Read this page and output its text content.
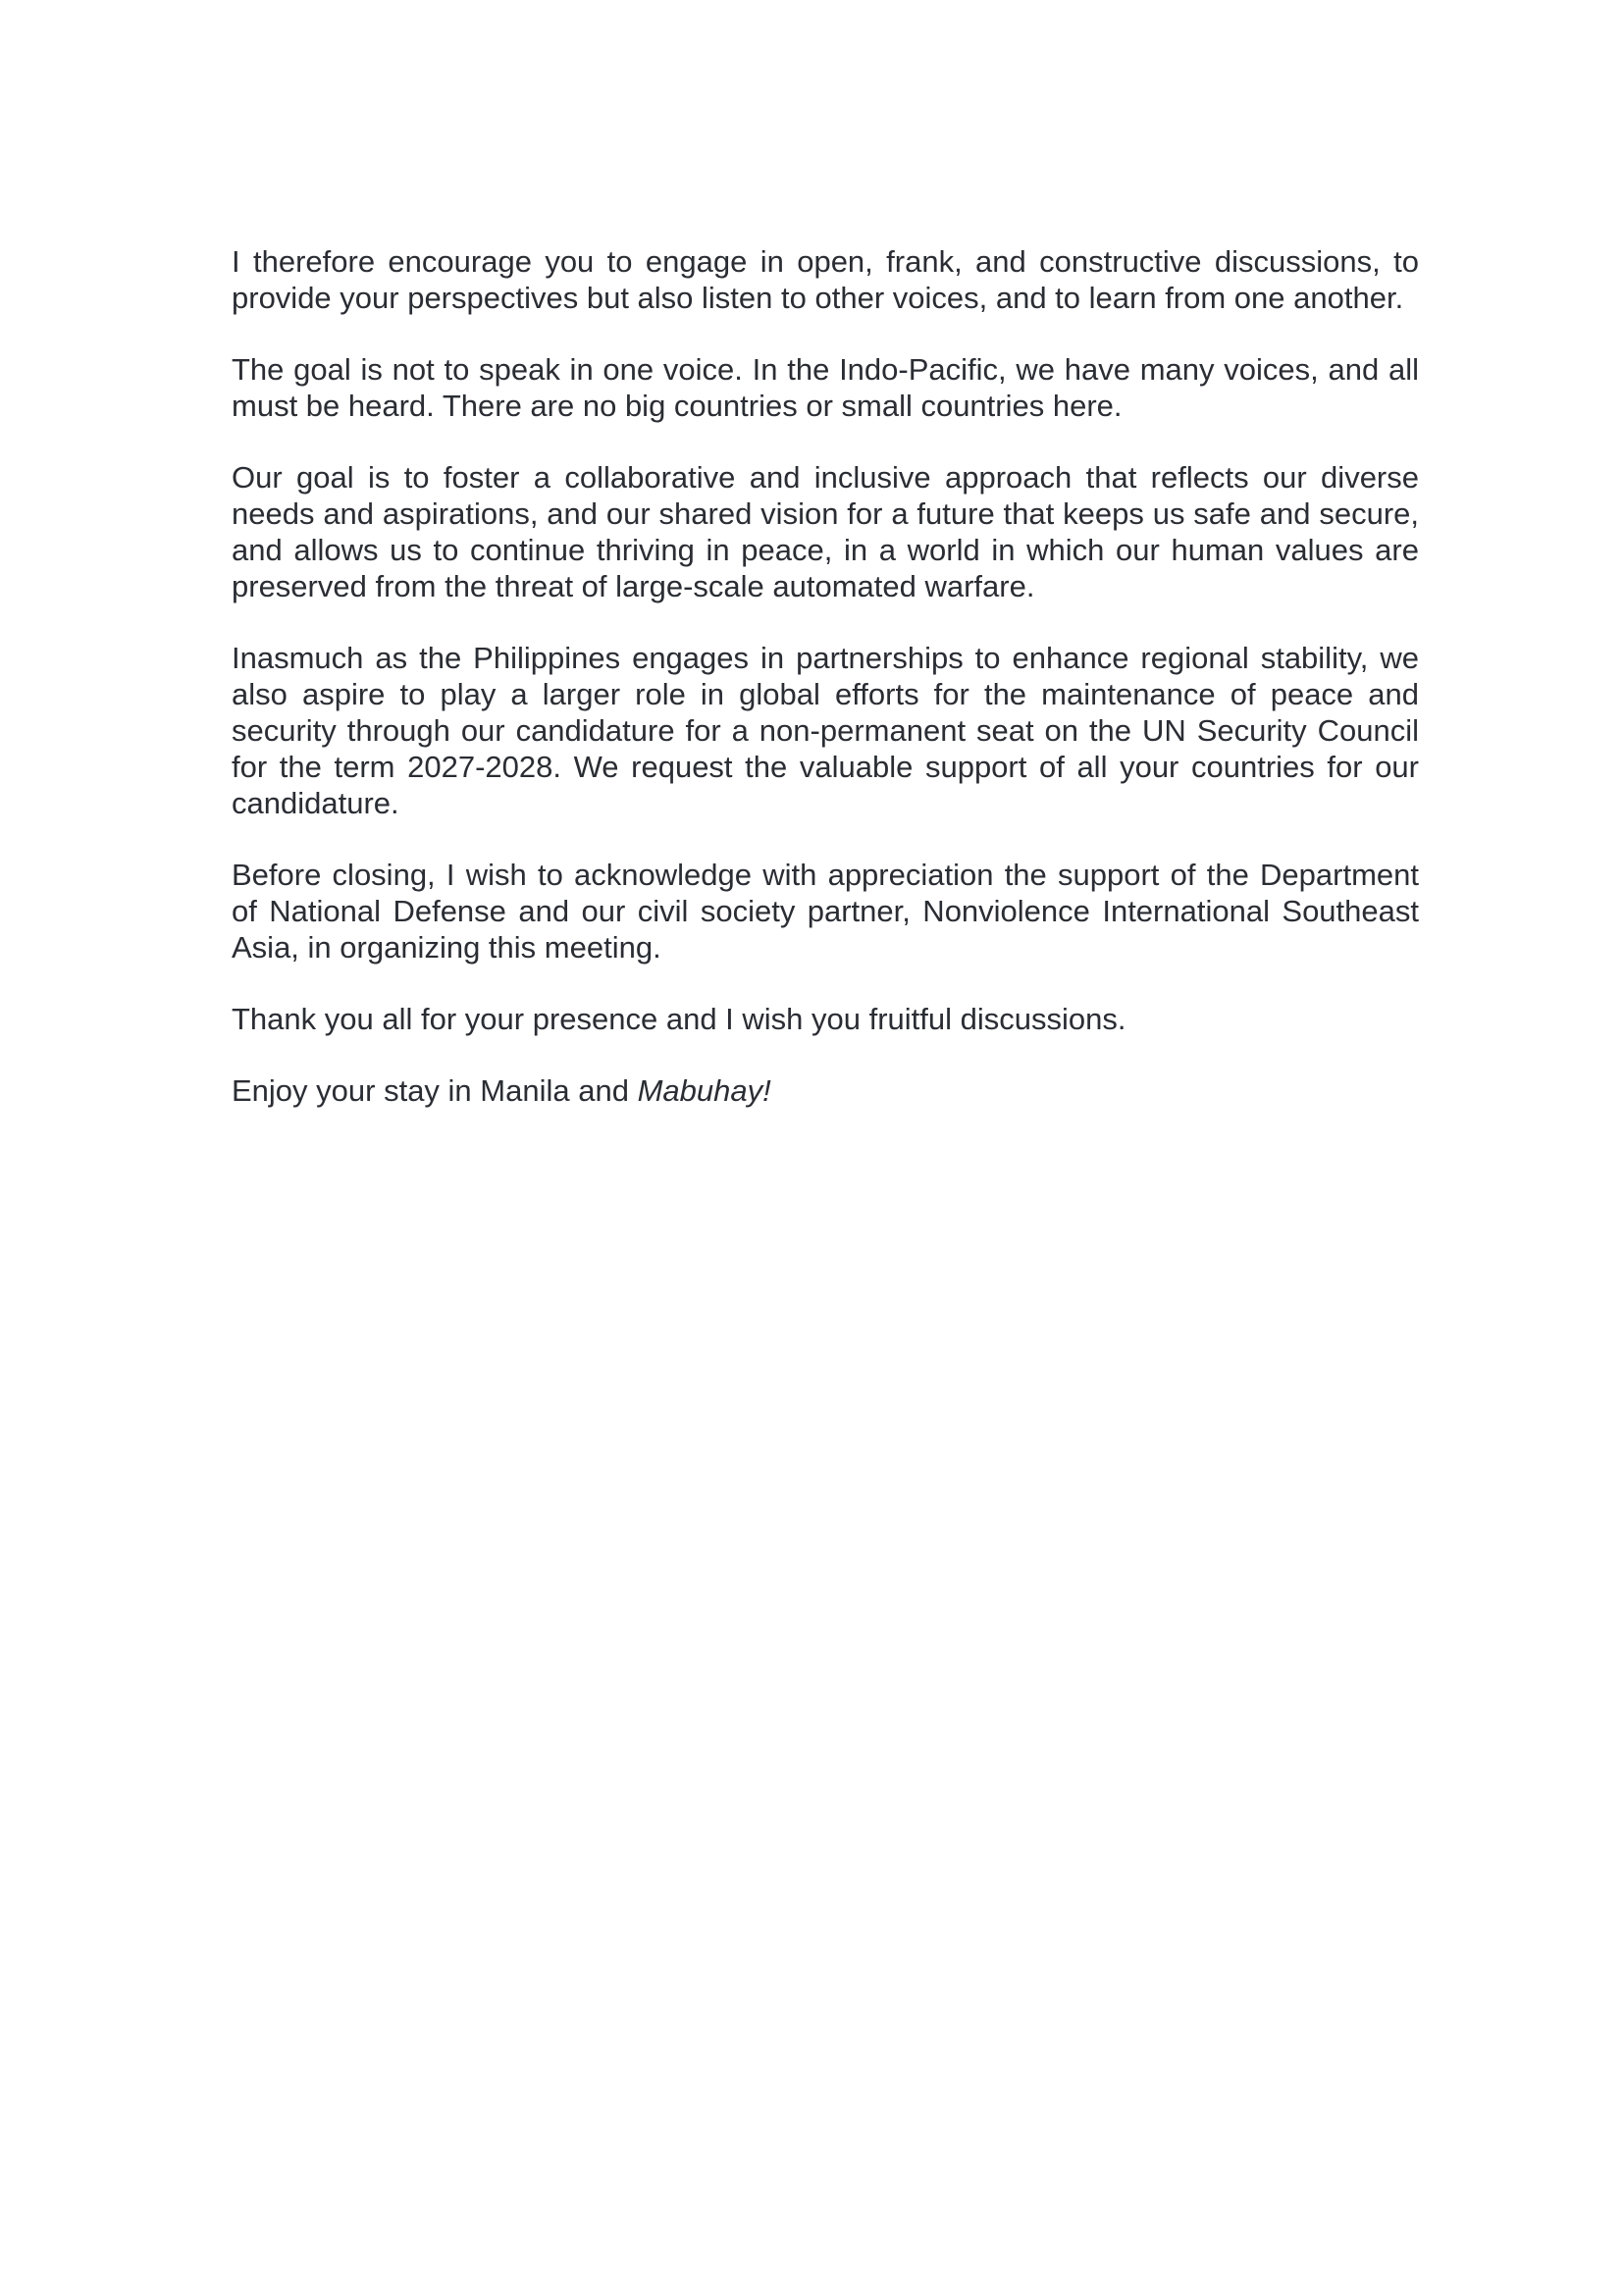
I therefore encourage you to engage in open, frank, and constructive discussions, to provide your perspectives but also listen to other voices, and to learn from one another.

The goal is not to speak in one voice. In the Indo-Pacific, we have many voices, and all must be heard. There are no big countries or small countries here.

Our goal is to foster a collaborative and inclusive approach that reflects our diverse needs and aspirations, and our shared vision for a future that keeps us safe and secure, and allows us to continue thriving in peace, in a world in which our human values are preserved from the threat of large-scale automated warfare.

Inasmuch as the Philippines engages in partnerships to enhance regional stability, we also aspire to play a larger role in global efforts for the maintenance of peace and security through our candidature for a non-permanent seat on the UN Security Council for the term 2027-2028. We request the valuable support of all your countries for our candidature.

Before closing, I wish to acknowledge with appreciation the support of the Department of National Defense and our civil society partner, Nonviolence International Southeast Asia, in organizing this meeting.

Thank you all for your presence and I wish you fruitful discussions.

Enjoy your stay in Manila and Mabuhay!
